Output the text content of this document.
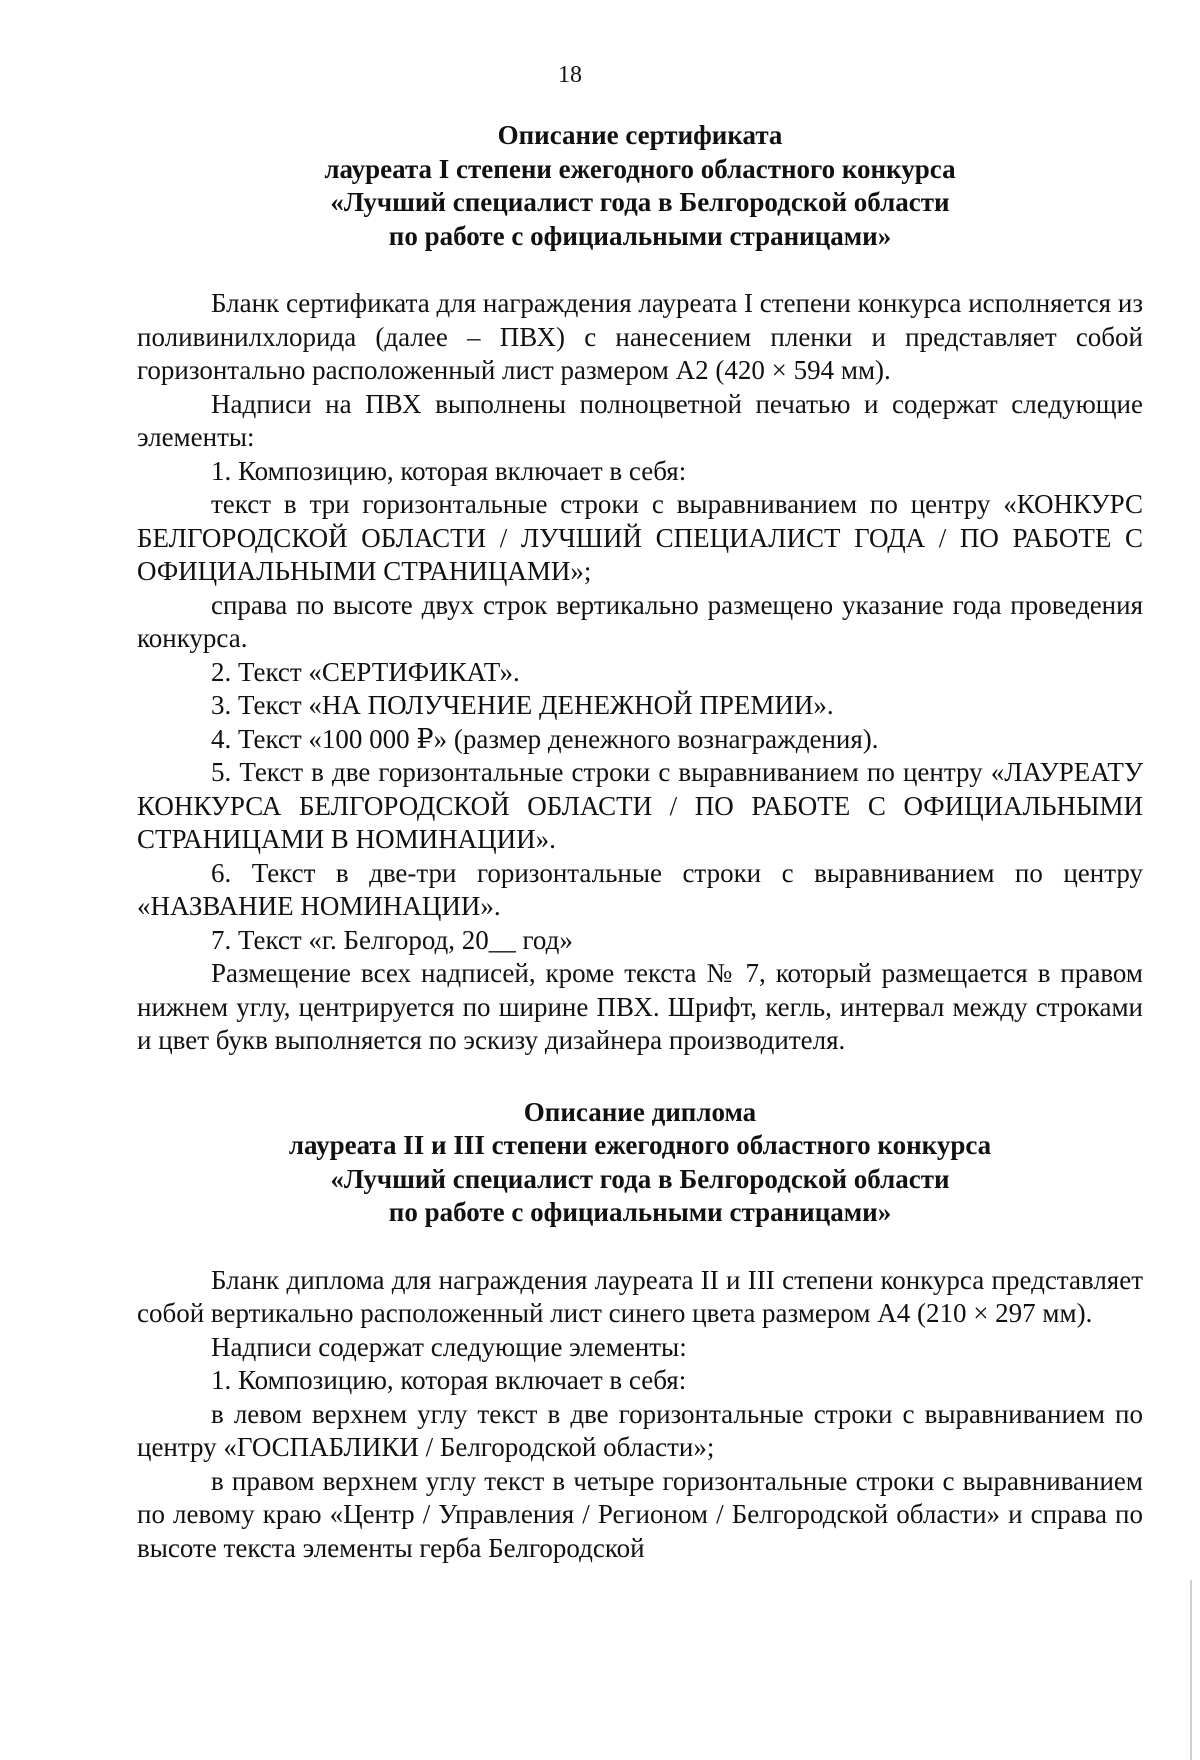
18
Описание сертификата
лауреата I степени ежегодного областного конкурса
«Лучший специалист года в Белгородской области
по работе с официальными страницами»

Бланк сертификата для награждения лауреата I степени конкурса исполняется из поливинилхлорида (далее – ПВХ) с нанесением пленки и представляет собой горизонтально расположенный лист размером А2 (420 × 594 мм).

Надписи на ПВХ выполнены полноцветной печатью и содержат следующие элементы:

1. Композицию, которая включает в себя:

текст в три горизонтальные строки с выравниванием по центру «КОНКУРС БЕЛГОРОДСКОЙ ОБЛАСТИ / ЛУЧШИЙ СПЕЦИАЛИСТ ГОДА / ПО РАБОТЕ С ОФИЦИАЛЬНЫМИ СТРАНИЦАМИ»;

справа по высоте двух строк вертикально размещено указание года проведения конкурса.

2. Текст «СЕРТИФИКАТ».

3. Текст «НА ПОЛУЧЕНИЕ ДЕНЕЖНОЙ ПРЕМИИ».

4. Текст «100 000 ₽» (размер денежного вознаграждения).

5. Текст в две горизонтальные строки с выравниванием по центру «ЛАУРЕАТУ КОНКУРСА БЕЛГОРОДСКОЙ ОБЛАСТИ / ПО РАБОТЕ С ОФИЦИАЛЬНЫМИ СТРАНИЦАМИ В НОМИНАЦИИ».

6. Текст в две-три горизонтальные строки с выравниванием по центру «НАЗВАНИЕ НОМИНАЦИИ».

7. Текст «г. Белгород, 20__ год»

Размещение всех надписей, кроме текста № 7, который размещается в правом нижнем углу, центрируется по ширине ПВХ. Шрифт, кегль, интервал между строками и цвет букв выполняется по эскизу дизайнера производителя.

Описание диплома
лауреата II и III степени ежегодного областного конкурса
«Лучший специалист года в Белгородской области
по работе с официальными страницами»

Бланк диплома для награждения лауреата II и III степени конкурса представляет собой вертикально расположенный лист синего цвета размером А4 (210 × 297 мм).

Надписи содержат следующие элементы:

1. Композицию, которая включает в себя:

в левом верхнем углу текст в две горизонтальные строки с выравниванием по центру «ГОСПАБЛИКИ / Белгородской области»;

в правом верхнем углу текст в четыре горизонтальные строки с выравниванием по левому краю «Центр / Управления / Регионом / Белгородской области» и справа по высоте текста элементы герба Белгородской
